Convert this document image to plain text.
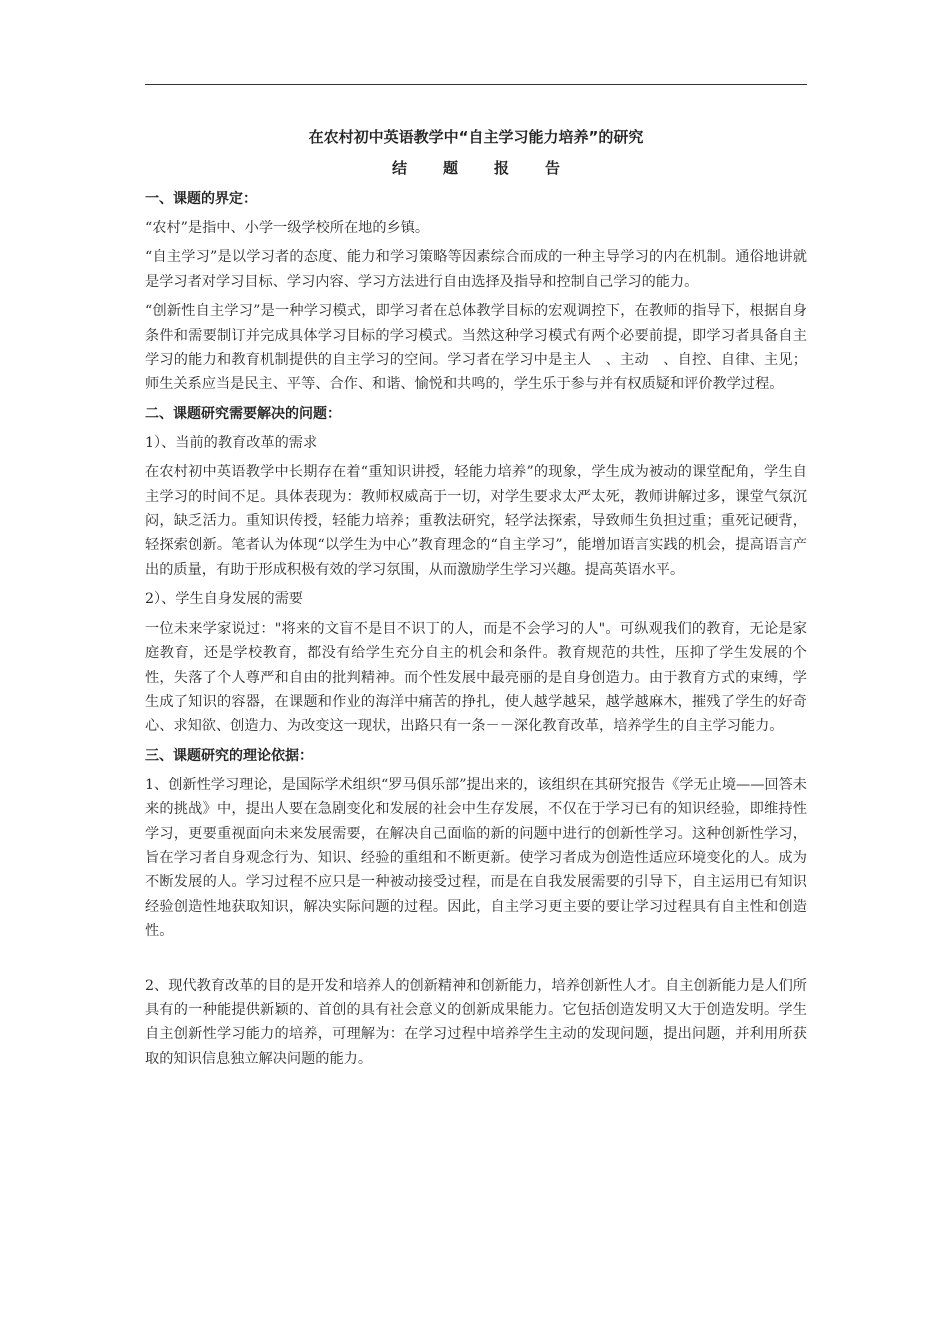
在农村初中英语教学中“自主学习能力培养”的研究
结题报告

一、课题的界定：

“农村”是指中、小学一级学校所在地的乡镇。

“自主学习”是以学习者的态度、能力和学习策略等因素综合而成的一种主导学习的内在机制。通俗地讲就是学习者对学习目标、学习内容、学习方法进行自由选择及指导和控制自己学习的能力。

“创新性自主学习”是一种学习模式，即学习者在总体教学目标的宏观调控下，在教师的指导下，根据自身条件和需要制订并完成具体学习目标的学习模式。当然这种学习模式有两个必要前提，即学习者具备自主学习的能力和教育机制提供的自主学习的空间。学习者在学习中是主人　、主动　、自控、自律、主见；师生关系应当是民主、平等、合作、和谐、愉悦和共鸣的，学生乐于参与并有权质疑和评价教学过程。

二、课题研究需要解决的问题：

1）、当前的教育改革的需求

在农村初中英语教学中长期存在着“重知识讲授，轻能力培养”的现象，学生成为被动的课堂配角，学生自主学习的时间不足。具体表现为：教师权威高于一切，对学生要求太严太死，教师讲解过多，课堂气氛沉闷，缺乏活力。重知识传授，轻能力培养；重教法研究，轻学法探索，导致师生负担过重；重死记硬背，轻探索创新。笔者认为体现“以学生为中心”教育理念的“自主学习”，能增加语言实践的机会，提高语言产出的质量，有助于形成积极有效的学习氛围，从而激励学生学习兴趣。提高英语水平。

2）、学生自身发展的需要

一位未来学家说过："将来的文盲不是目不识丁的人，而是不会学习的人"。可纵观我们的教育，无论是家庭教育，还是学校教育，都没有给学生充分自主的机会和条件。教育规范的共性，压抑了学生发展的个性，失落了个人尊严和自由的批判精神。而个性发展中最亮丽的是自身创造力。由于教育方式的束缚，学生成了知识的容器，在课题和作业的海洋中痛苦的挣扎，使人越学越呆，越学越麻木，摧残了学生的好奇心、求知欲、创造力、为改变这一现状，出路只有一条－－深化教育改革，培养学生的自主学习能力。

三、课题研究的理论依据：

1、创新性学习理论，是国际学术组织“罗马俱乐部”提出来的，该组织在其研究报告《学无止境——回答未来的挑战》中，提出人要在急剧变化和发展的社会中生存发展，不仅在于学习已有的知识经验，即维持性学习，更要重视面向未来发展需要，在解决自己面临的新的问题中进行的创新性学习。这种创新性学习，旨在学习者自身观念行为、知识、经验的重组和不断更新。使学习者成为创造性适应环境变化的人。成为不断发展的人。学习过程不应只是一种被动接受过程，而是在自我发展需要的引导下，自主运用已有知识经验创造性地获取知识，解决实际问题的过程。因此，自主学习更主要的要让学习过程具有自主性和创造性。

2、现代教育改革的目的是开发和培养人的创新精神和创新能力，培养创新性人才。自主创新能力是人们所具有的一种能提供新颖的、首创的具有社会意义的创新成果能力。它包括创造发明又大于创造发明。学生自主创新性学习能力的培养，可理解为：在学习过程中培养学生主动的发现问题，提出问题，并利用所获取的知识信息独立解决问题的能力。
